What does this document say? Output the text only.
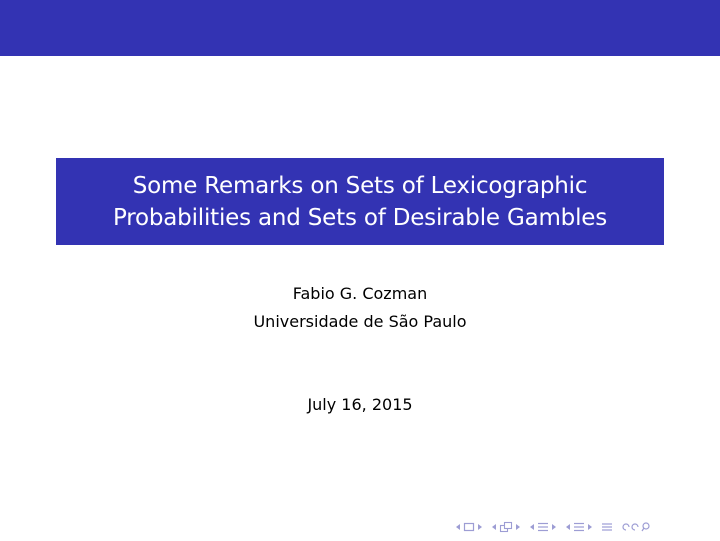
Some Remarks on Sets of Lexicographic
Probabilities and Sets of Desirable Gambles
Fabio G. Cozman
Universidade de São Paulo
July 16, 2015
